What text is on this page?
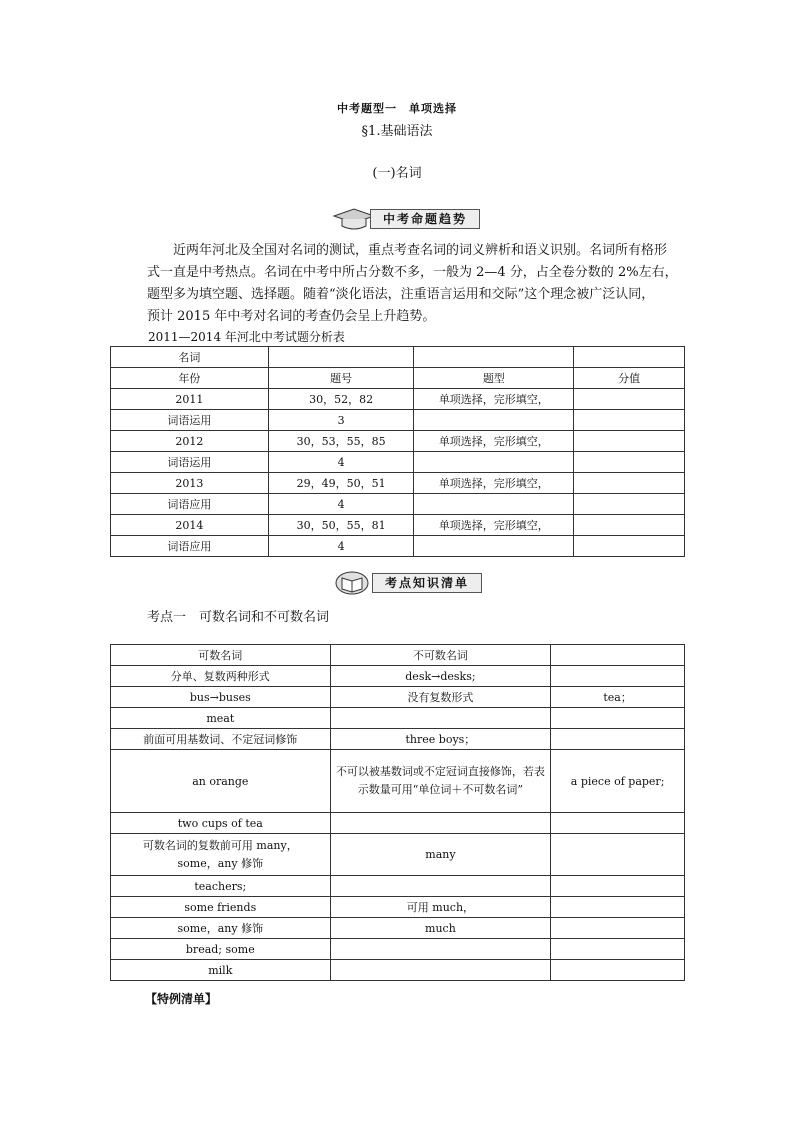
中考题型一　单项选择
§1.基础语法
(一)名词
中考命题趋势

　　近两年河北及全国对名词的测试，重点考查名词的词义辨析和语义识别。名词所有格形

式一直是中考热点。名词在中考中所占分数不多，一般为 2—4 分，占全卷分数的 2%左右，

题型多为填空题、选择题。随着“淡化语法，注重语言运用和交际”这个理念被广泛认同，

预计 2015 年中考对名词的考查仍会呈上升趋势。

2011—2014 年河北中考试题分析表
名词			
年份	题号	题型	分值
2011	30，52，82	单项选择，完形填空，	
词语运用	3		
2012	30，53，55，85	单项选择，完形填空，	
词语运用	4		
2013	29，49，50，51	单项选择，完形填空，	
词语应用	4		
2014	30，50，55，81	单项选择，完形填空，	
词语应用	4		
考点知识清单
考点一　可数名词和不可数名词
可数名词	不可数名词	
分单、复数两种形式	desk→desks;	
bus→buses	没有复数形式	tea；
meat		
前面可用基数词、不定冠词修饰	three boys；	
an orange	不可以被基数词或不定冠词直接修饰，若表示数量可用“单位词＋不可数名词”	a piece of paper;
two cups of tea		
可数名词的复数前可用 many，some，any 修饰	many	
teachers;		
some friends	可用 much，	
some，any 修饰	much	
bread; some		
milk		
【特例清单】
